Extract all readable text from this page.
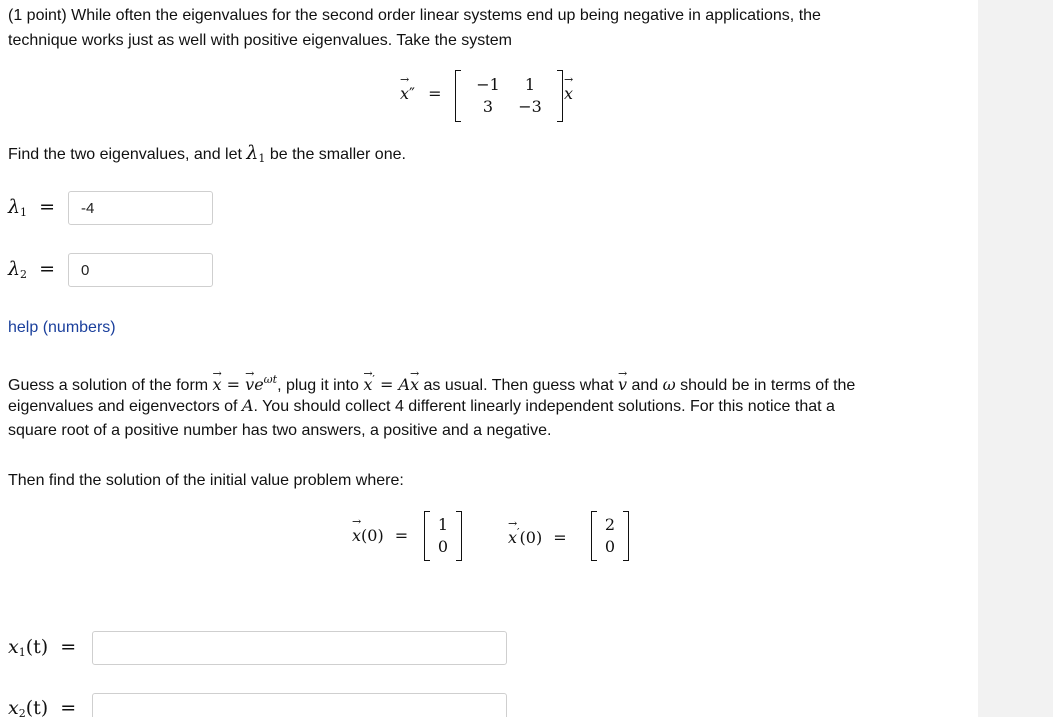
(1 point) While often the eigenvalues for the second order linear systems end up being negative in applications, the
technique works just as well with positive eigenvalues. Take the system
→ x″ =	−1	1
3	−3
→ x
Find the two eigenvalues, and let $\lambda_1$ be the smaller one.
$\lambda_1$ =
-4
$\lambda_2$ =
0
help (numbers)
Guess a solution of the form → x = → $ve^{\omega t}$, plug it into → x′ = A→ x as usual. Then guess what → v and ω should be in terms of the
eigenvalues and eigenvectors of A. You should collect 4 different linearly independent solutions. For this notice that a
square root of a positive number has two answers, a positive and a negative.
Then find the solution of the initial value problem where:
→ x(0) =
1
0
→	x′(0) =
2
0
$x_1(t)$ =
$x_2(t)$ =
